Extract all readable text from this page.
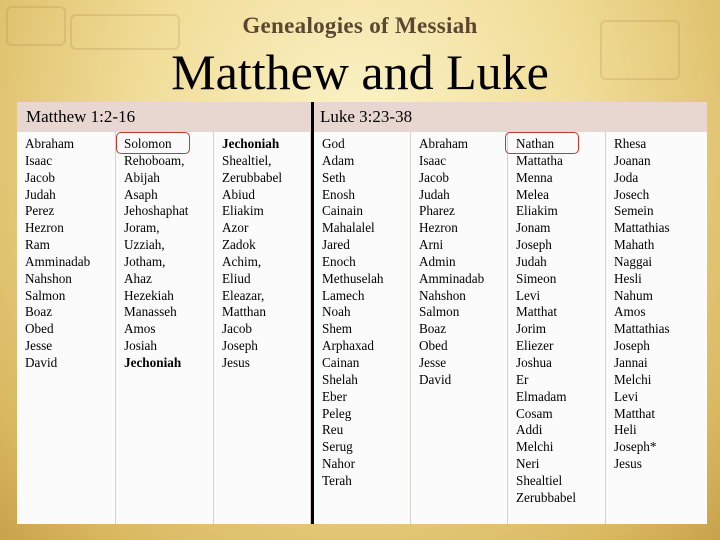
Genealogies of Messiah
Matthew and Luke
Matthew 1:2-16	Luke 3:23-38
Abraham
Isaac
Jacob
Judah
Perez
Hezron
Ram
Amminadab
Nahshon
Salmon
Boaz
Obed
Jesse
David
Solomon
Rehoboam,
Abijah
Asaph
Jehoshaphat
Joram,
Uzziah,
Jotham,
Ahaz
Hezekiah
Manasseh
Amos
Josiah
Jechoniah
Jechoniah
Shealtiel,
Zerubbabel
Abiud
Eliakim
Azor
Zadok
Achim,
Eliud
Eleazar,
Matthan
Jacob
Joseph
Jesus
God
Adam
Seth
Enosh
Cainain
Mahalalel
Jared
Enoch
Methuselah
Lamech
Noah
Shem
Arphaxad
Cainan
Shelah
Eber
Peleg
Reu
Serug
Nahor
Terah
Abraham
Isaac
Jacob
Judah
Pharez
Hezron
Arni
Admin
Amminadab
Nahshon
Salmon
Boaz
Obed
Jesse
David
Nathan
Mattatha
Menna
Melea
Eliakim
Jonam
Joseph
Judah
Simeon
Levi
Matthat
Jorim
Eliezer
Joshua
Er
Elmadam
Cosam
Addi
Melchi
Neri
Shealtiel
Zerubbabel
Rhesa
Joanan
Joda
Josech
Semein
Mattathias
Mahath
Naggai
Hesli
Nahum
Amos
Mattathias
Joseph
Jannai
Melchi
Levi
Matthat
Heli
Joseph*
Jesus
